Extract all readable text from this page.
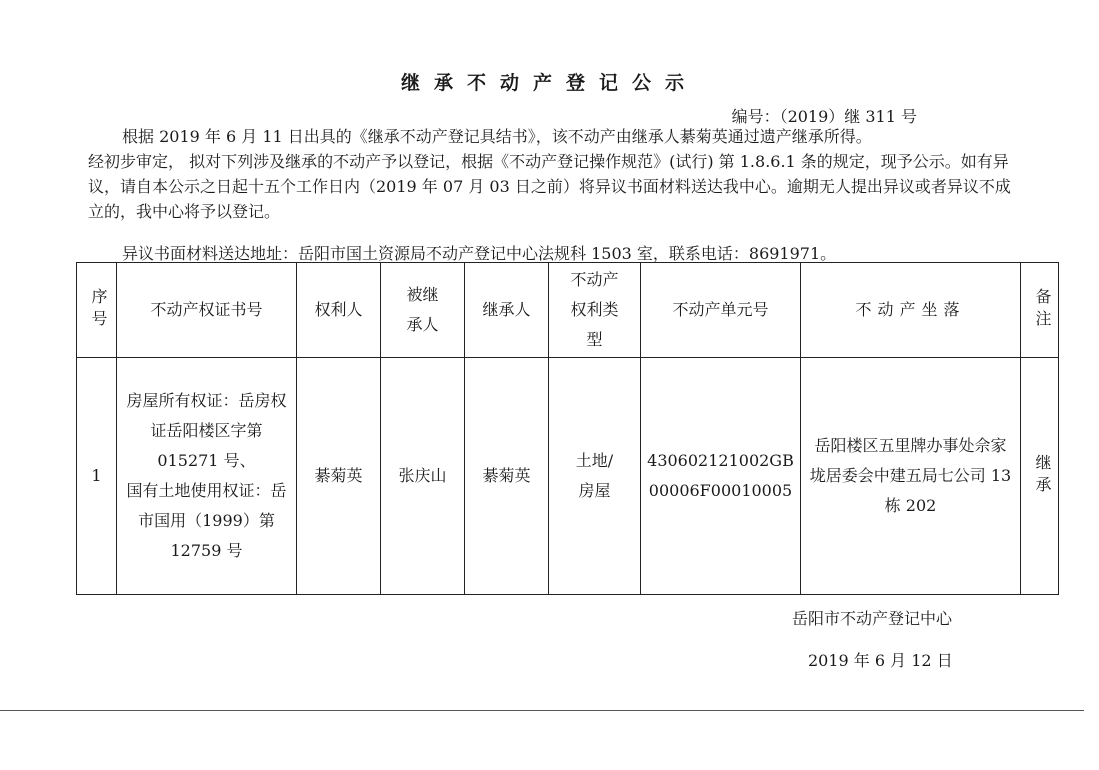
继承不动产登记公示
编号：（2019）继 311 号

根据 2019 年 6 月 11 日出具的《继承不动产登记具结书》，该不动产由继承人綦菊英通过遗产继承所得。

经初步审定， 拟对下列涉及继承的不动产予以登记，根据《不动产登记操作规范》(试行) 第 1.8.6.1 条的规定，现予公示。如有异议，请自本公示之日起十五个工作日内（2019 年 07 月 03 日之前）将异议书面材料送达我中心。逾期无人提出异议或者异议不成立的，我中心将予以登记。

异议书面材料送达地址：岳阳市国土资源局不动产登记中心法规科 1503 室，联系电话：8691971。

序号	不动产权证书号	权利人	被继承人	继承人	不动产权利类型	不动产单元号	不动产坐落	备注

1	房屋所有权证：岳房权证岳阳楼区字第 015271 号、
国有土地使用权证：岳市国用（1999）第 12759 号	綦菊英	张庆山	綦菊英	土地/房屋	430602121002GB00006F00010005	岳阳楼区五里牌办事处佘家垅居委会中建五局七公司 13 栋 202	继承
岳阳市不动产登记中心
2019 年 6 月 12 日
